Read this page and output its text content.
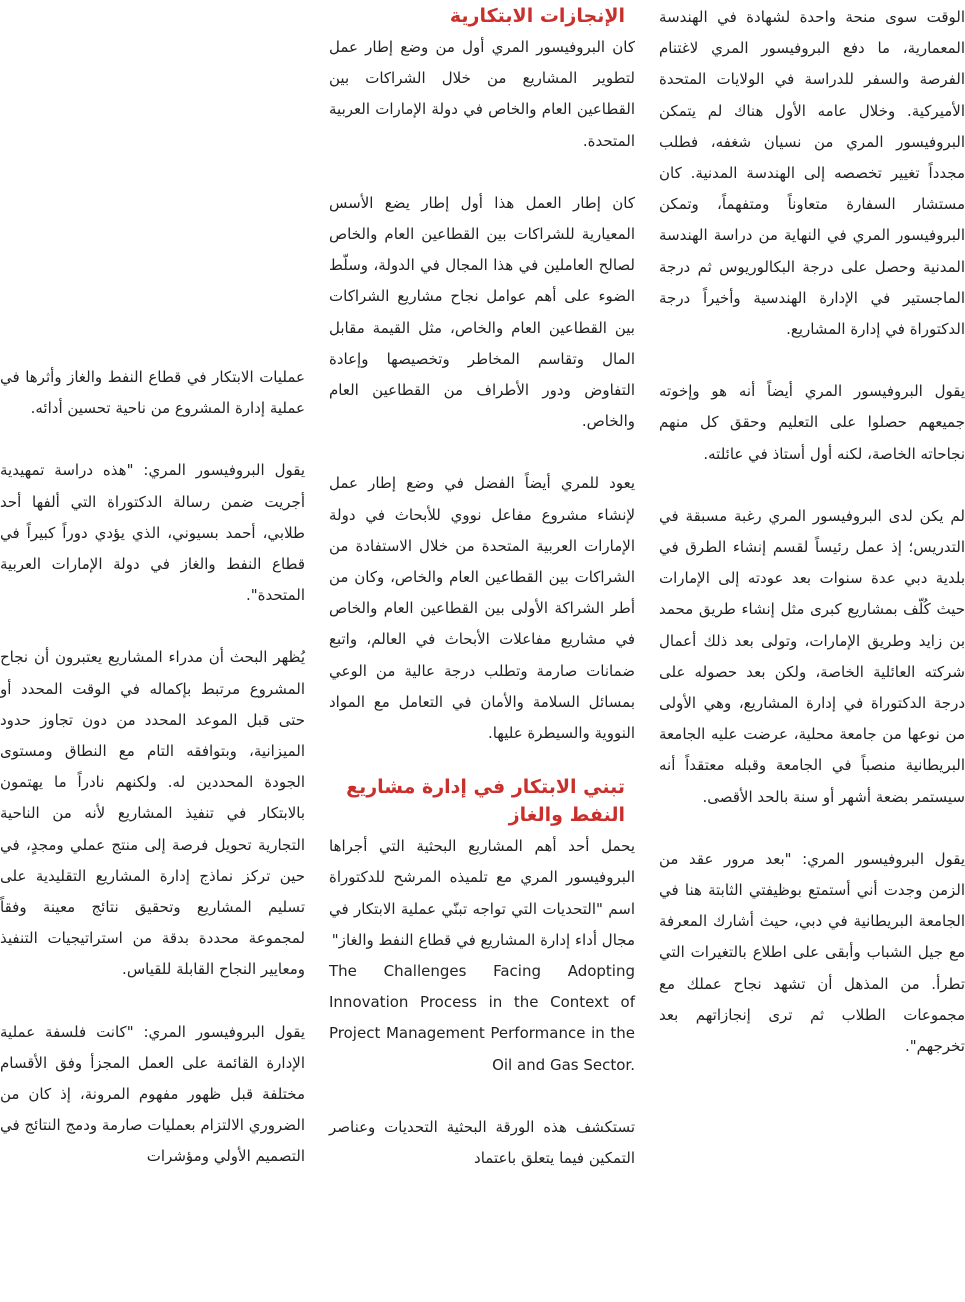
الوقت سوى منحة واحدة لشهادة في الهندسة المعمارية، ما دفع البروفيسور المري لاغتنام الفرصة والسفر للدراسة في الولايات المتحدة الأميركية. وخلال عامه الأول هناك لم يتمكن البروفيسور المري من نسيان شغفه، فطلب مجدداً تغيير تخصصه إلى الهندسة المدنية. كان مستشار السفارة متعاوناً ومتفهماً، وتمكن البروفيسور المري في النهاية من دراسة الهندسة المدنية وحصل على درجة البكالوريوس ثم درجة الماجستير في الإدارة الهندسية وأخيراً درجة الدكتوراة في إدارة المشاريع.

يقول البروفيسور المري أيضاً أنه هو وإخوته جميعهم حصلوا على التعليم وحقق كل منهم نجاحاته الخاصة، لكنه أول أستاذ في عائلته.

لم يكن لدى البروفيسور المري رغبة مسبقة في التدريس؛ إذ عمل رئيساً لقسم إنشاء الطرق في بلدية دبي عدة سنوات بعد عودته إلى الإمارات حيث كُلّف بمشاريع كبرى مثل إنشاء طريق محمد بن زايد وطريق الإمارات، وتولى بعد ذلك أعمال شركته العائلية الخاصة، ولكن بعد حصوله على درجة الدكتوراة في إدارة المشاريع، وهي الأولى من نوعها من جامعة محلية، عرضت عليه الجامعة البريطانية منصباً في الجامعة وقبله معتقداً أنه سيستمر بضعة أشهر أو سنة بالحد الأقصى.

يقول البروفيسور المري: "بعد مرور عقد من الزمن وجدت أني أستمتع بوظيفتي الثابتة هنا في الجامعة البريطانية في دبي، حيث أشارك المعرفة مع جيل الشباب وأبقى على اطلاع بالتغيرات التي تطرأ. من المذهل أن تشهد نجاح عملك مع مجموعات الطلاب ثم ترى إنجازاتهم بعد تخرجهم".

الإنجازات الابتكارية

كان البروفيسور المري أول من وضع إطار عمل لتطوير المشاريع من خلال الشراكات بين القطاعين العام والخاص في دولة الإمارات العربية المتحدة.

كان إطار العمل هذا أول إطار يضع الأسس المعيارية للشراكات بين القطاعين العام والخاص لصالح العاملين في هذا المجال في الدولة، وسلّط الضوء على أهم عوامل نجاح مشاريع الشراكات بين القطاعين العام والخاص، مثل القيمة مقابل المال وتقاسم المخاطر وتخصيصها وإعادة التفاوض ودور الأطراف من القطاعين العام والخاص.

يعود للمري أيضاً الفضل في وضع إطار عمل لإنشاء مشروع مفاعل نووي للأبحاث في دولة الإمارات العربية المتحدة من خلال الاستفادة من الشراكات بين القطاعين العام والخاص، وكان من أطر الشراكة الأولى بين القطاعين العام والخاص في مشاريع مفاعلات الأبحاث في العالم، واتبع ضمانات صارمة وتطلب درجة عالية من الوعي بمسائل السلامة والأمان في التعامل مع المواد النووية والسيطرة عليها.

تبني الابتكار في إدارة مشاريع النفط والغاز

يحمل أحد أهم المشاريع البحثية التي أجراها البروفيسور المري مع تلميذه المرشح للدكتوراة اسم "التحديات التي تواجه تبنّي عملية الابتكار في مجال أداء إدارة المشاريع في قطاع النفط والغاز"

The Challenges Facing Adopting Innovation Process in the Context of Project Management Performance in the Oil and Gas Sector.

تستكشف هذه الورقة البحثية التحديات وعناصر التمكين فيما يتعلق باعتماد

عمليات الابتكار في قطاع النفط والغاز وأثرها في عملية إدارة المشروع من ناحية تحسين أدائه.

يقول البروفيسور المري: "هذه دراسة تمهيدية أجريت ضمن رسالة الدكتوراة التي ألفها أحد طلابي، أحمد بسيوني، الذي يؤدي دوراً كبيراً في قطاع النفط والغاز في دولة الإمارات العربية المتحدة".

يُظهر البحث أن مدراء المشاريع يعتبرون أن نجاح المشروع مرتبط بإكماله في الوقت المحدد أو حتى قبل الموعد المحدد من دون تجاوز حدود الميزانية، وبتوافقه التام مع النطاق ومستوى الجودة المحددين له. ولكنهم نادراً ما يهتمون بالابتكار في تنفيذ المشاريع لأنه من الناحية التجارية تحويل فرصة إلى منتج عملي ومجدٍ، في حين تركز نماذج إدارة المشاريع التقليدية على تسليم المشاريع وتحقيق نتائج معينة وفقاً لمجموعة محددة بدقة من استراتيجيات التنفيذ ومعايير النجاح القابلة للقياس.

يقول البروفيسور المري: "كانت فلسفة عملية الإدارة القائمة على العمل المجزأ وفق الأقسام مختلفة قبل ظهور مفهوم المرونة، إذ كان من الضروري الالتزام بعمليات صارمة ودمج النتائج في التصميم الأولي ومؤشرات
